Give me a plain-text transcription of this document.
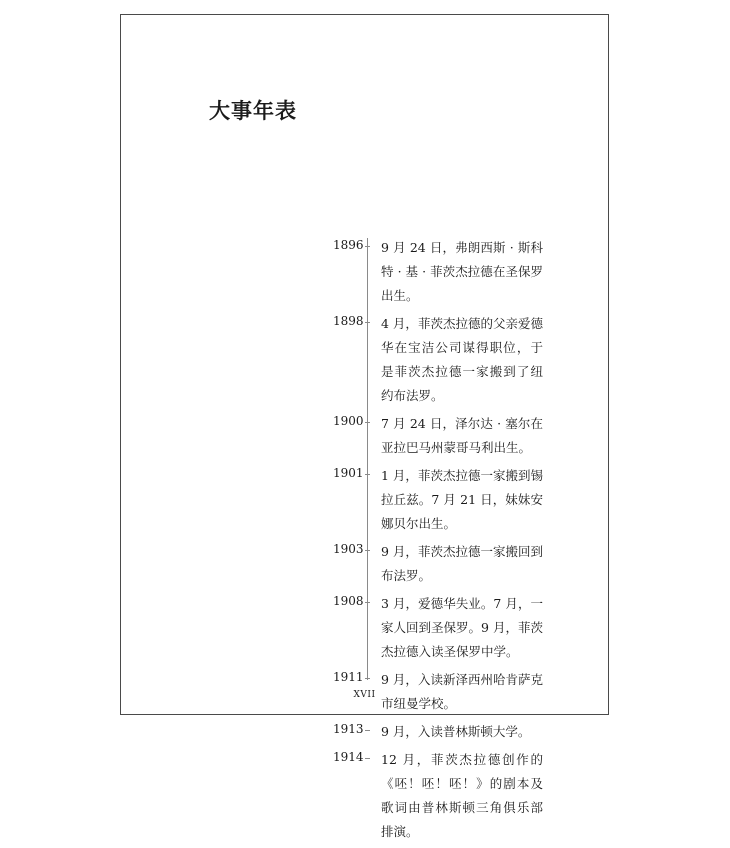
大事年表
1896 9 月 24 日，弗朗西斯 · 斯科特 · 基 · 菲茨杰拉德在圣保罗出生。
1898 4 月，菲茨杰拉德的父亲爱德华在宝洁公司谋得职位，于是菲茨杰拉德一家搬到了纽约布法罗。
1900 7 月 24 日，泽尔达 · 塞尔在亚拉巴马州蒙哥马利出生。
1901 1 月，菲茨杰拉德一家搬到锡拉丘兹。7 月 21 日，妹妹安娜贝尔出生。
1903 9 月，菲茨杰拉德一家搬回到布法罗。
1908 3 月，爱德华失业。7 月，一家人回到圣保罗。9 月，菲茨杰拉德入读圣保罗中学。
1911 9 月，入读新泽西州哈肯萨克市纽曼学校。
1913 9 月，入读普林斯顿大学。
1914 12 月，菲茨杰拉德创作的《呸！呸！呸！》的剧本及歌词由普林斯顿三角俱乐部排演。
XVII
